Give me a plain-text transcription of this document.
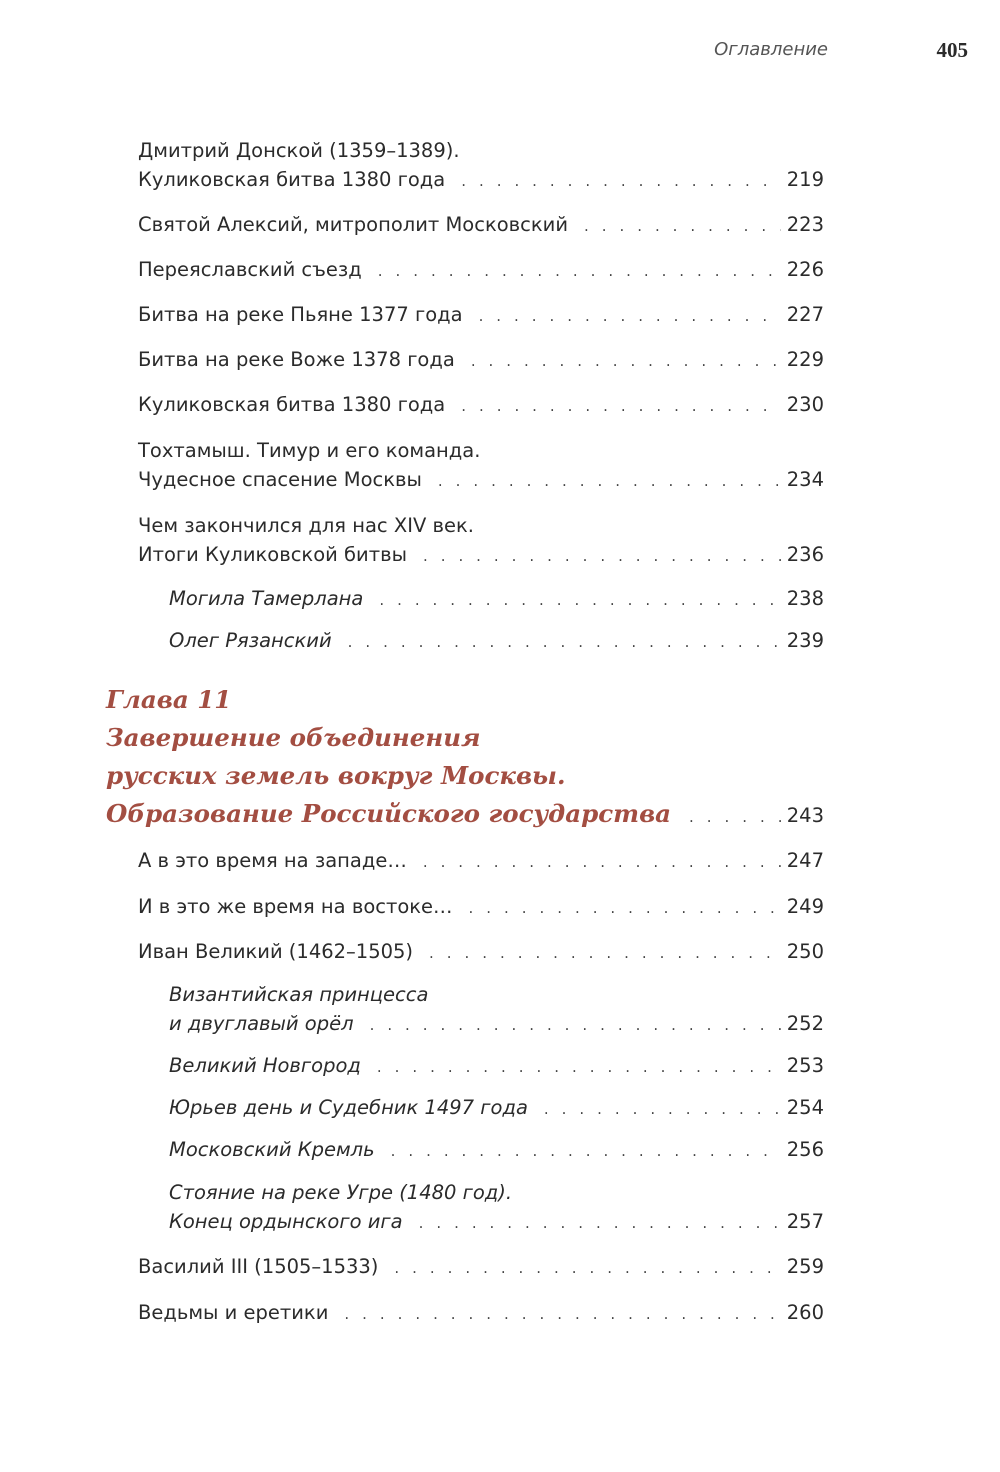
Оглавление	405
Дмитрий Донской (1359–1389).
Куликовская битва 1380 года . . .	219
Святой Алексий, митрополит Московский . . .	223
Переяславский съезд . . .	226
Битва на реке Пьяне 1377 года . . .	227
Битва на реке Воже 1378 года . . .	229
Куликовская битва 1380 года . . .	230
Тохтамыш. Тимур и его команда.
Чудесное спасение Москвы . . .	234
Чем закончился для нас XIV век.
Итоги Куликовской битвы . . .	236
Могила Тамерлана . . .	238
Олег Рязанский . . .	239
Глава 11
Завершение объединения
русских земель вокруг Москвы.
Образование Российского государства . . .	243
А в это время на западе… . . .	247
И в это же время на востоке… . . .	249
Иван Великий (1462–1505) . . .	250
Византийская принцесса
и двуглавый орёл . . .	252
Великий Новгород . . .	253
Юрьев день и Судебник 1497 года . . .	254
Московский Кремль . . .	256
Стояние на реке Угре (1480 год).
Конец ордынского ига . . .	257
Василий III (1505–1533) . . .	259
Ведьмы и еретики . . .	260
